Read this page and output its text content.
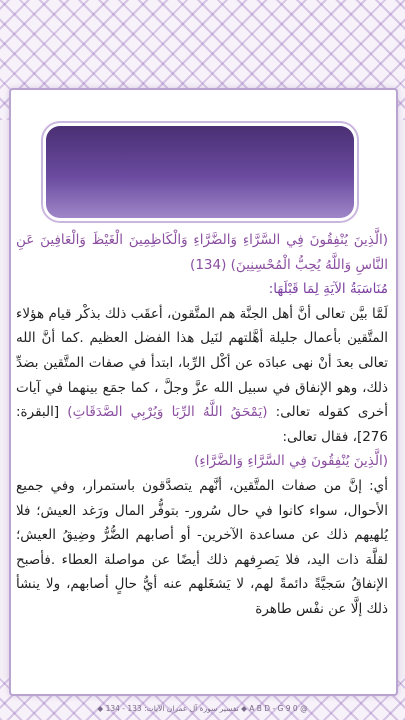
(الَّذِينَ يُنْفِقُونَ فِي السَّرَّاءِ وَالضَّرَّاءِ وَالْكَاظِمِينَ الْغَيْظَ وَالْعَافِينَ عَنِ النَّاسِ وَاللَّهُ يُحِبُّ الْمُحْسِنِينَ) (134)

مُنَاسَبَةُ الآيَةِ لِمَا قَبْلَهَا:

لَمَّا بيَّن تعالى أنَّ أهل الجنَّة هم المتَّقون، أعقَب ذلك بذكْر قيام هؤلاء المتَّقين بأعمال جليلة أهَّلتهم لنَيل هذا الفضل العظيم .كما أنَّ الله تعالى بعدَ أنْ نهى عبادَه عن أكْل الرِّبا، ابتدأ في صفات المتَّقين بضدِّ ذلك، وهو الإنفاق في سبيل الله عزَّ وجلَّ ، كما جمَع بينهما في آيات أخرى كقوله تعالى: (يَمْحَقُ اللَّهُ الرِّبَا وَيُرْبِي الصَّدَقَاتِ) [البقرة: 276]، فقال تعالى:

(الَّذِينَ يُنْفِقُونَ فِي السَّرَّاءِ وَالضَّرَّاءِ)

أي: إنَّ من صفات المتَّقين، أنَّهم يتصدَّقون باستمرار، وفي جميع الأحوال، سواء كانوا في حال سُرور- بتوفُّر المال ورَغد العيش؛ فلا يُلهيهم ذلك عن مساعدة الآخرين- أو أصابهم الضُّرُّ وضِيقُ العيش؛ لقلَّة ذات اليد، فلا يَصرِفهم ذلك أيضًا عن مواصلة العطاء .فأصبح الإنفاقُ سَجيَّةً دائمةً لهم، لا يَشغَلهم عنه أيُّ حالٍ أصابهم، ولا ينشأ ذلك إلَّا عن نفْس طاهرة

@ A B D - G 9 0 ◆ تفسير سورة آل عمران الآيات: 133 - 134 ◆
